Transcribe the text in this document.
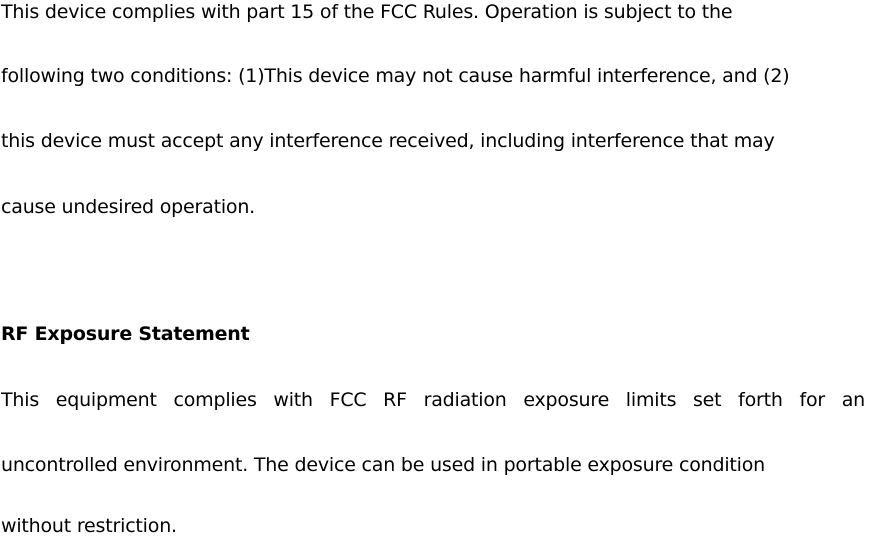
This device complies with part 15 of the FCC Rules. Operation is subject to the
following two conditions: (1)This device may not cause harmful interference, and (2)
this device must accept any interference received, including interference that may
cause undesired operation.
RF Exposure Statement
This equipment complies with FCC RF radiation exposure limits set forth for an
uncontrolled environment. The device can be used in portable exposure condition
without restriction.
